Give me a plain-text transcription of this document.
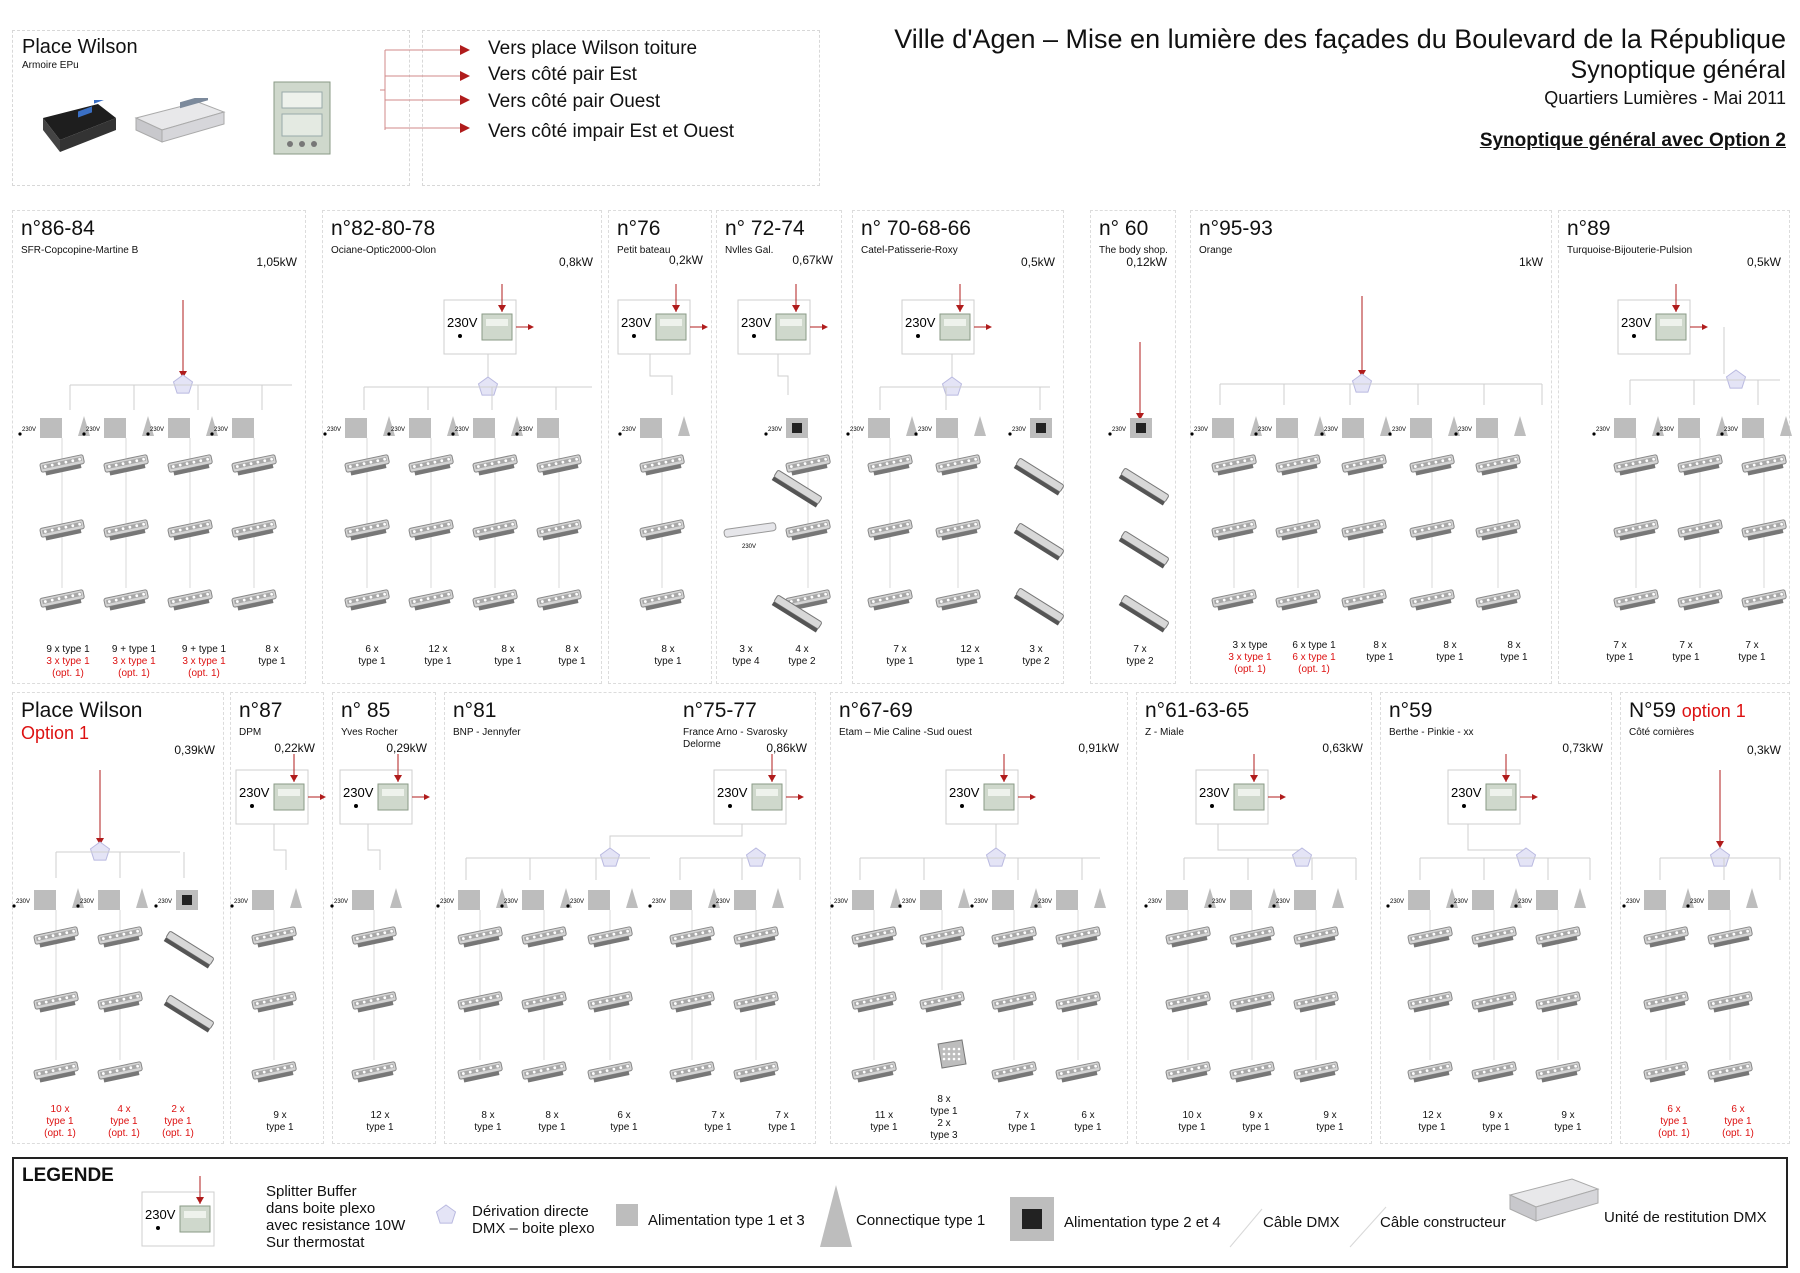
Place Wilson
Armoire EPu
Vers place Wilson toiture
Vers côté pair Est
Vers côté pair Ouest
Vers côté impair Est et Ouest
Ville d'Agen – Mise en lumière des façades du Boulevard de la République
Synoptique général
Quartiers Lumières - Mai 2011
Synoptique général avec Option 2
n°86-84
SFR-Copcopine-Martine B
1,05kW
n°82-80-78
Ociane-Optic2000-Olon
0,8kW
n°76
Petit bateau
0,2kW
n° 72-74
Nvlles Gal.
0,67kW
n° 70-68-66
Catel-Patisserie-Roxy
0,5kW
n° 60
The body shop.
0,12kW
n°95-93
Orange
1kW
n°89
Turquoise-Bijouterie-Pulsion
0,5kW
Place Wilson
Option 1
0,39kW
n°87
DPM
0,22kW
n° 85
Yves Rocher
0,29kW
n°81
BNP - Jennyfer
n°75-77
France Arno - Svarosky
Delorme	0,86kW
n°67-69
Etam – Mie Caline -Sud ouest
0,91kW
n°61-63-65
Z - Miale
0,63kW
n°59
Berthe - Pinkie - xx
0,73kW
N°59 option 1
Côté cornières
0,3kW
230V	230V	230V	230V
230V
230V	230V	230V	230V
230V
230V
230V
230V
230V
230V
230V	230V	230V	230V	230V	230V	230V	230V	230V
230V
230V	230V	230V
230V	230V	230V
230V
230V
230V
230V
230V
230V	230V	230V	230V	230V
230V
230V	230V	230V	230V
230V
230V	230V	230V
230V
230V	230V	230V	230V	230V
230V
9 x type 1
3 x type 1
(opt. 1)
9 + type 1
3 x type 1
(opt. 1)
9 + type 1
3 x type 1
(opt. 1)
8 x
type 1
6 x
type 1
12 x
type 1
8 x
type 1
8 x
type 1
8 x
type 1
3 x
type 4
4 x
type 2
7 x
type 1
12 x
type 1
3 x
type 2
7 x
type 2
3 x type
3 x type 1
(opt. 1)
6 x type 1
6 x type 1
(opt. 1)
8 x
type 1
8 x
type 1
8 x
type 1
7 x
type 1
7 x
type 1
7 x
type 1
10 x
type 1
(opt. 1)
4 x
type 1
(opt. 1)
2 x
type 1
(opt. 1)
9 x
type 1
12 x
type 1
8 x
type 1
8 x
type 1
6 x
type 1
7 x
type 1
7 x
type 1
11 x
type 1
8 x
type 1
2 x
type 3
7 x
type 1
6 x
type 1
10 x
type 1
9 x
type 1
9 x
type 1
12 x
type 1
9 x
type 1
9 x
type 1
6 x
type 1
(opt. 1)
6 x
type 1
(opt. 1)
LEGENDE
Splitter Buffer
dans boite plexo
avec resistance 10W
Sur thermostat
Dérivation directe
DMX – boite plexo	Alimentation type 1 et 3	Connectique type 1	Alimentation type 2 et 4	Câble DMX	Câble constructeur	Unité de restitution DMX
